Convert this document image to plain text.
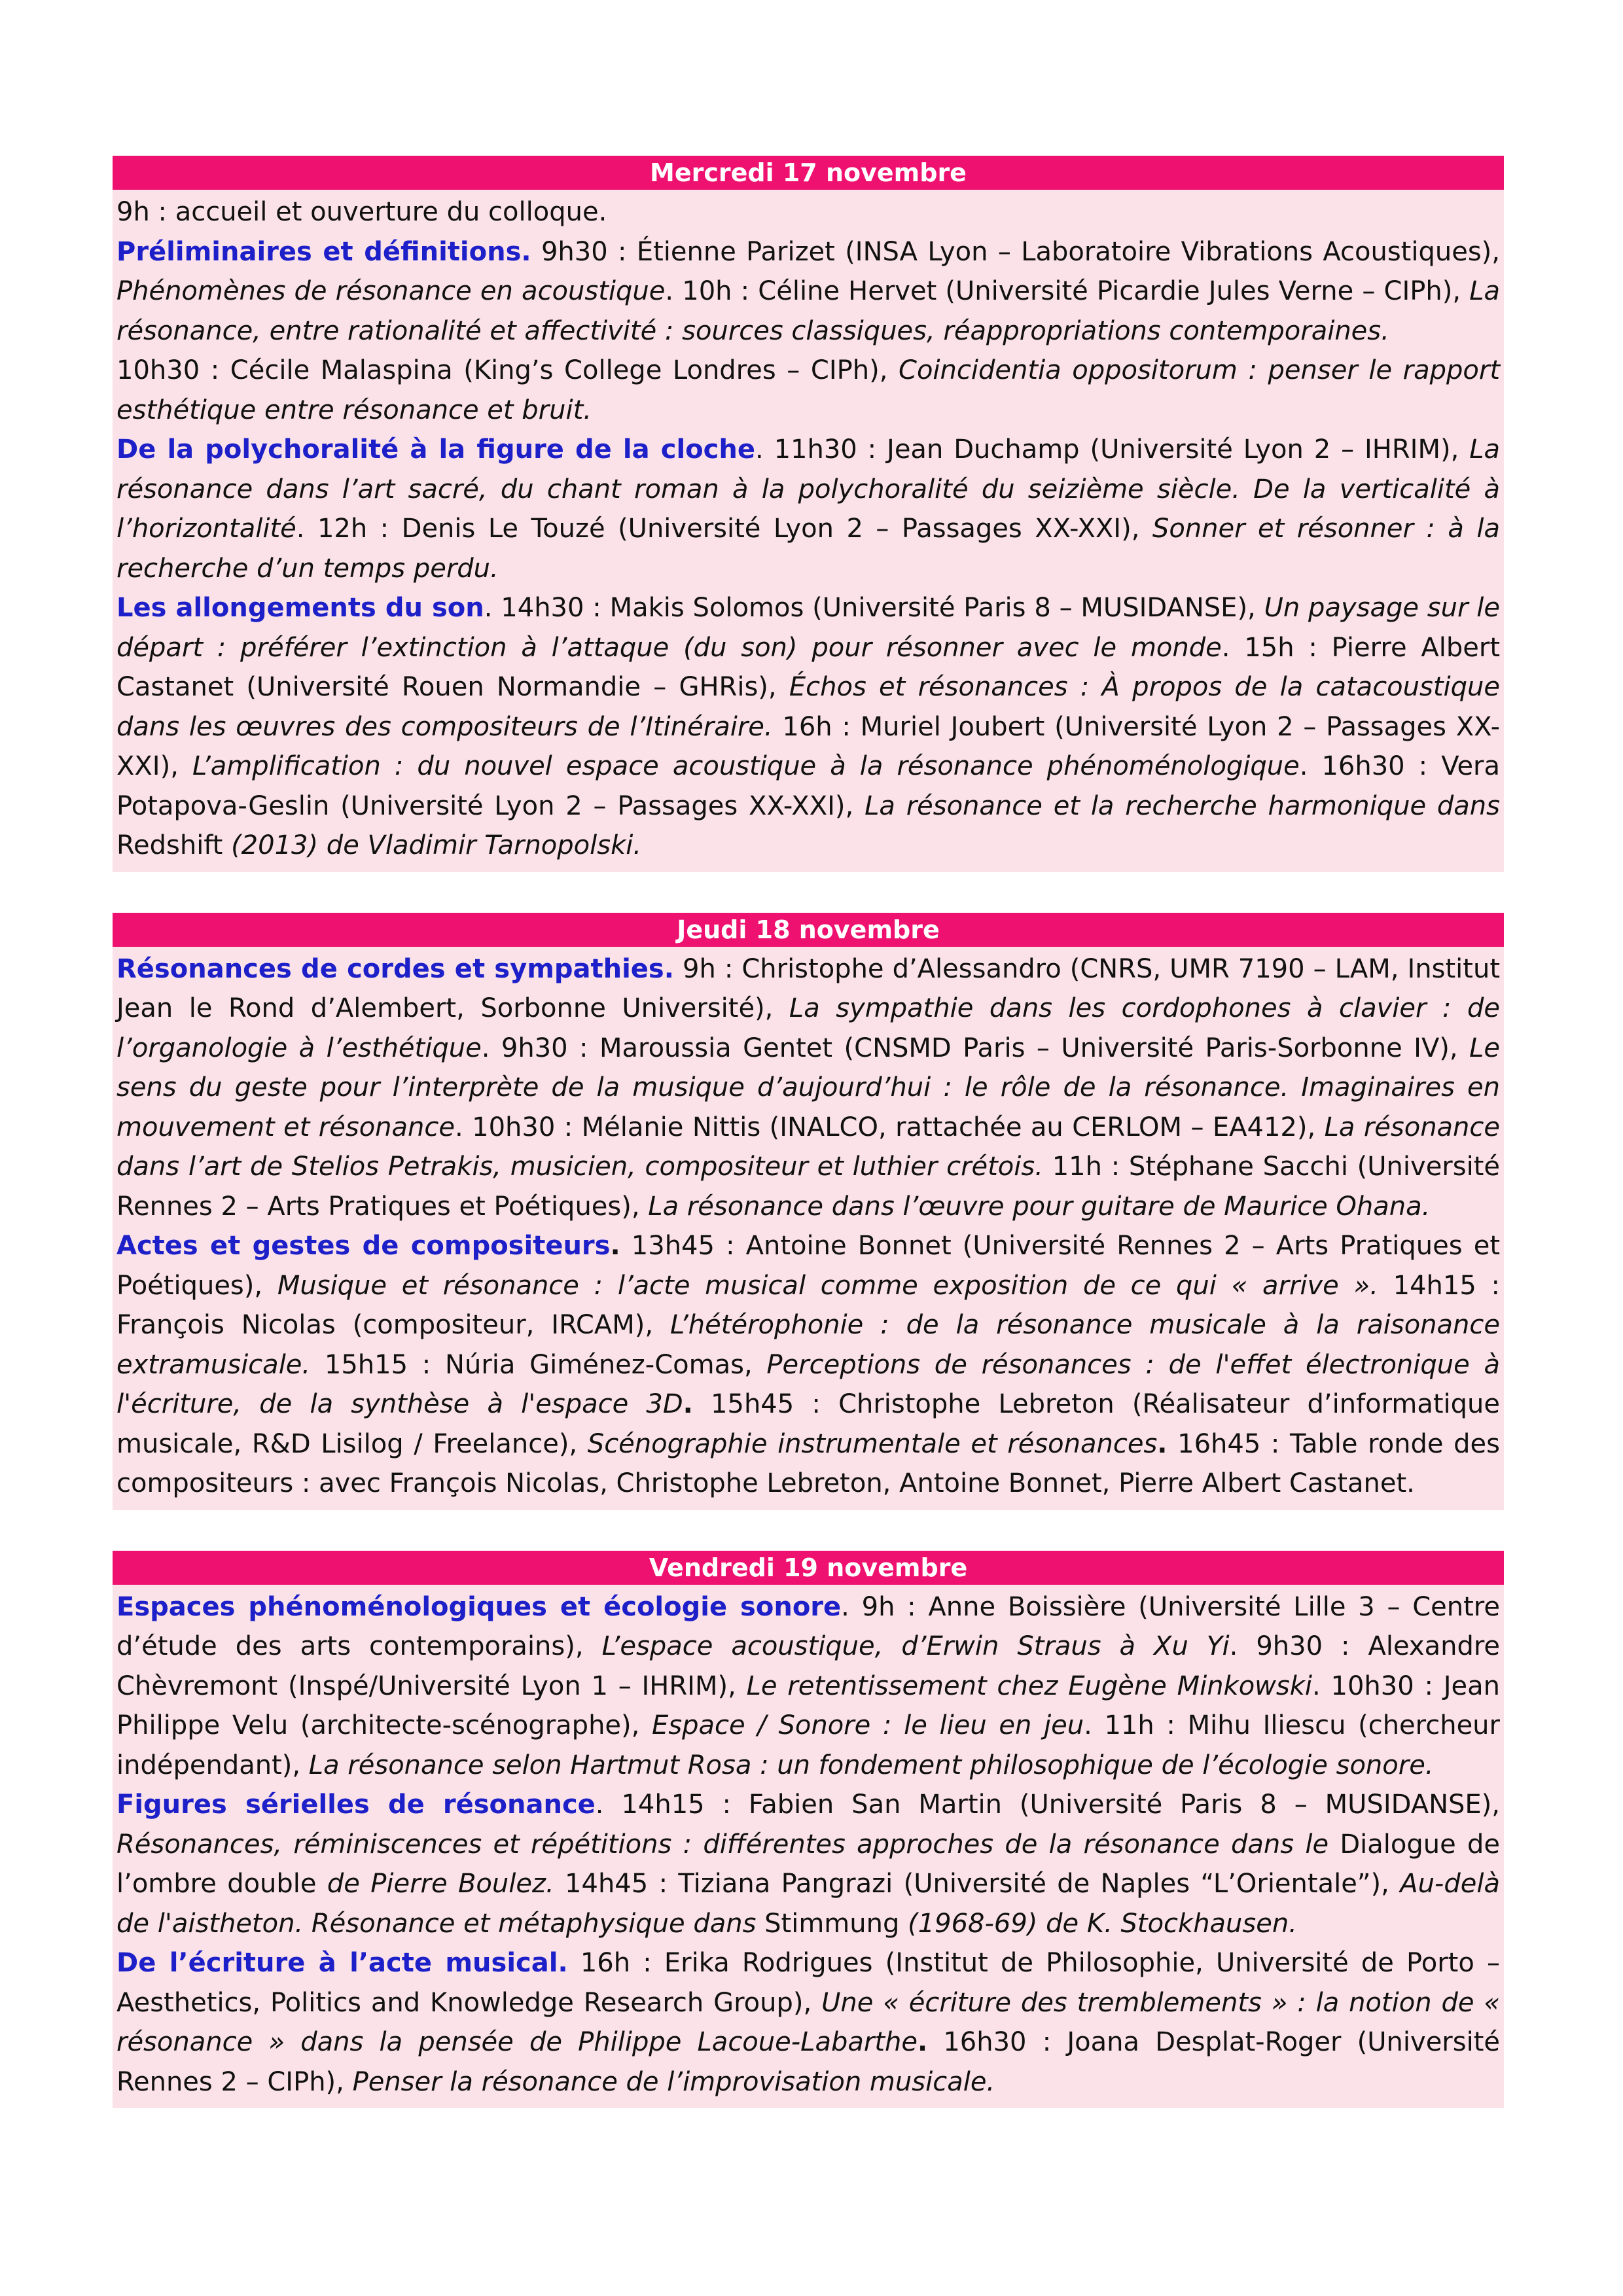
Mercredi 17 novembre

9h : accueil et ouverture du colloque.

Préliminaires et définitions. 9h30 : Étienne Parizet (INSA Lyon – Laboratoire Vibrations Acoustiques), Phénomènes de résonance en acoustique. 10h : Céline Hervet (Université Picardie Jules Verne – CIPh), La résonance, entre rationalité et affectivité : sources classiques, réappropriations contemporaines.

10h30 : Cécile Malaspina (King’s College Londres – CIPh), Coincidentia oppositorum : penser le rapport esthétique entre résonance et bruit.

De la polychoralité à la figure de la cloche. 11h30 : Jean Duchamp (Université Lyon 2 – IHRIM), La résonance dans l’art sacré, du chant roman à la polychoralité du seizième siècle. De la verticalité à l’horizontalité. 12h : Denis Le Touzé (Université Lyon 2 – Passages XX-XXI), Sonner et résonner : à la recherche d’un temps perdu.

Les allongements du son. 14h30 : Makis Solomos (Université Paris 8 – MUSIDANSE), Un paysage sur le départ : préférer l’extinction à l’attaque (du son) pour résonner avec le monde. 15h : Pierre Albert Castanet (Université Rouen Normandie – GHRis), Échos et résonances : À propos de la catacoustique dans les œuvres des compositeurs de l’Itinéraire. 16h : Muriel Joubert (Université Lyon 2 – Passages XX-XXI), L’amplification : du nouvel espace acoustique à la résonance phénoménologique. 16h30 : Vera Potapova-Geslin (Université Lyon 2 – Passages XX-XXI), La résonance et la recherche harmonique dans Redshift (2013) de Vladimir Tarnopolski.

Jeudi 18 novembre

Résonances de cordes et sympathies. 9h : Christophe d’Alessandro (CNRS, UMR 7190 – LAM, Institut Jean le Rond d’Alembert, Sorbonne Université), La sympathie dans les cordophones à clavier : de l’organologie à l’esthétique. 9h30 : Maroussia Gentet (CNSMD Paris – Université Paris-Sorbonne IV), Le sens du geste pour l’interprète de la musique d’aujourd’hui : le rôle de la résonance. Imaginaires en mouvement et résonance. 10h30 : Mélanie Nittis (INALCO, rattachée au CERLOM – EA412), La résonance dans l’art de Stelios Petrakis, musicien, compositeur et luthier crétois. 11h : Stéphane Sacchi (Université Rennes 2 – Arts Pratiques et Poétiques), La résonance dans l’œuvre pour guitare de Maurice Ohana.

Actes et gestes de compositeurs. 13h45 : Antoine Bonnet (Université Rennes 2 – Arts Pratiques et Poétiques), Musique et résonance : l’acte musical comme exposition de ce qui « arrive ». 14h15 : François Nicolas (compositeur, IRCAM), L’hétérophonie : de la résonance musicale à la raisonance extramusicale. 15h15 : Núria Giménez-Comas, Perceptions de résonances : de l'effet électronique à l'écriture, de la synthèse à l'espace 3D. 15h45 : Christophe Lebreton (Réalisateur d’informatique musicale, R&D Lisilog / Freelance), Scénographie instrumentale et résonances. 16h45 : Table ronde des compositeurs : avec François Nicolas, Christophe Lebreton, Antoine Bonnet, Pierre Albert Castanet.

Vendredi 19 novembre

Espaces phénoménologiques et écologie sonore. 9h : Anne Boissière (Université Lille 3 – Centre d’étude des arts contemporains), L’espace acoustique, d’Erwin Straus à Xu Yi. 9h30 : Alexandre Chèvremont (Inspé/Université Lyon 1 – IHRIM), Le retentissement chez Eugène Minkowski. 10h30 : Jean Philippe Velu (architecte-scénographe), Espace / Sonore : le lieu en jeu. 11h : Mihu Iliescu (chercheur indépendant), La résonance selon Hartmut Rosa : un fondement philosophique de l’écologie sonore.

Figures sérielles de résonance. 14h15 : Fabien San Martin (Université Paris 8 – MUSIDANSE), Résonances, réminiscences et répétitions : différentes approches de la résonance dans le Dialogue de l’ombre double de Pierre Boulez. 14h45 : Tiziana Pangrazi (Université de Naples “L’Orientale”), Au-delà de l'aistheton. Résonance et métaphysique dans Stimmung (1968-69) de K. Stockhausen.

De l’écriture à l’acte musical. 16h : Erika Rodrigues (Institut de Philosophie, Université de Porto – Aesthetics, Politics and Knowledge Research Group), Une « écriture des tremblements » : la notion de « résonance » dans la pensée de Philippe Lacoue-Labarthe. 16h30 : Joana Desplat-Roger (Université Rennes 2 – CIPh), Penser la résonance de l’improvisation musicale.
